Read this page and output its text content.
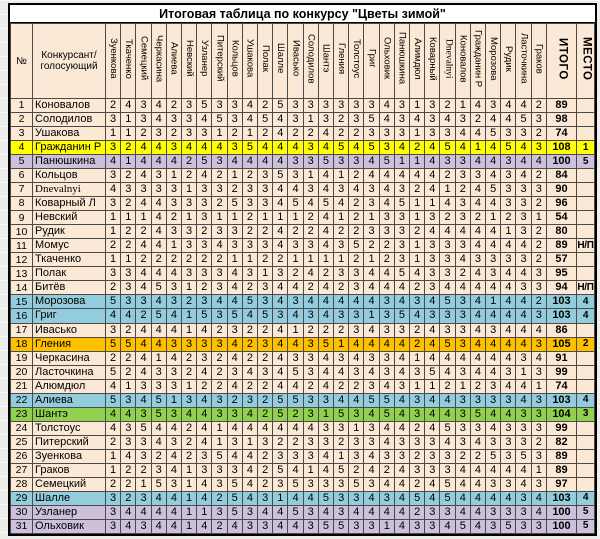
Итоговая таблица по конкурсу "Цветы зимой"
№	Конкурсант/ голосующий	Зуенкова	Ткаченко	Семецкий	Черкасина	Алиева	Невский	Узланер	Питерский	Кольцов	Ушакова	Полак	Шалле	Ивасько	Солодилов	Шантэ	Гления	Толстоус	Григ	Ольховик	Панюшкина	Алимдюл	Коварный	Dnevalnyi	Коновалов	Гражданин Р	Морозова	Рудик	Ласточкина	Граков	ИТОГО	МЕСТО
1	Коновалов	2	4	3	4	2	3	5	3	3	4	2	5	3	3	3	3	3	3	4	3	1	3	2	1	4	3	4	4	2	89	
2	Солодилов	3	1	3	4	3	3	4	5	3	4	5	4	3	1	3	2	3	5	4	3	4	3	4	3	2	4	4	5	3	98	
3	Ушакова	1	1	2	3	2	3	3	1	2	1	2	4	2	2	4	2	2	3	3	3	1	3	3	4	4	5	3	3	2	74	
4	Гражданин Р	3	2	4	4	3	4	4	4	3	5	4	4	4	3	4	5	4	5	3	4	2	4	5	4	1	4	5	4	3	108	1
5	Панюшкина	4	1	4	4	4	2	5	3	4	4	4	4	3	3	5	3	3	4	5	1	1	4	3	3	4	4	3	4	4	100	5
6	Кольцов	3	2	4	3	1	2	4	2	1	2	3	5	3	1	4	1	2	4	4	4	4	4	2	3	3	4	3	4	2	84	
7	Dnevalnyi	4	3	3	3	3	1	3	3	2	3	3	4	4	3	4	3	4	3	4	3	2	4	1	2	4	5	3	3	3	90	
8	Коварный Л	3	2	4	4	3	3	3	2	5	3	3	4	5	4	5	4	2	3	4	5	1	1	4	3	4	4	3	3	2	96	
9	Невский	1	1	1	4	2	1	3	1	1	2	1	1	1	2	4	1	2	1	3	3	1	3	2	3	2	1	2	3	1	54	
10	Рудик	1	2	2	4	3	3	2	3	3	2	2	4	2	2	4	2	2	3	3	3	2	4	4	4	4	4	1	3	2	80	
11	Момус	2	2	4	4	1	3	3	4	3	3	3	4	3	3	4	3	5	2	2	3	1	3	3	3	4	4	4	4	2	89	Н/П
12	Ткаченко	1	1	2	2	2	2	2	2	1	1	2	2	1	1	1	1	2	1	2	3	1	3	3	4	3	3	3	3	2	57	
13	Полак	3	3	4	4	4	3	3	3	4	3	1	3	2	4	2	3	3	4	4	5	4	3	3	2	4	3	4	4	3	95	
14	Битёв	2	3	4	5	3	1	2	3	4	2	3	4	4	2	4	2	3	4	4	4	2	3	4	4	4	4	4	3	3	94	Н/П
15	Морозова	5	3	3	4	3	2	3	4	4	5	3	4	3	4	4	4	4	4	3	4	3	4	5	3	4	1	4	4	2	103	4
16	Григ	4	4	2	5	4	1	5	3	5	4	5	3	4	3	4	3	3	1	3	5	4	3	3	3	4	4	4	4	3	103	4
17	Ивасько	3	2	4	4	4	1	4	2	3	2	2	4	1	2	2	2	3	4	3	3	2	4	3	3	4	3	4	4	4	86	
18	Гления	5	5	4	4	3	3	3	3	4	2	3	4	4	3	5	1	4	4	4	4	2	4	5	3	4	4	4	4	3	105	2
19	Черкасина	2	2	4	1	4	2	3	2	4	2	2	4	3	3	4	3	4	3	3	4	1	4	4	4	4	4	4	3	4	91	
20	Ласточкина	5	2	4	3	3	2	4	2	3	4	3	4	5	3	4	4	3	4	3	4	3	5	4	3	4	4	3	1	3	99	
21	Алюмдюл	4	1	3	3	3	1	2	2	4	2	2	4	4	2	4	2	2	3	4	3	1	1	2	1	2	3	4	4	1	74	
22	Алиева	5	3	4	5	1	3	4	3	2	3	2	5	5	3	3	4	4	5	5	4	3	4	4	3	3	3	3	4	3	103	4
23	Шантэ	4	4	3	5	3	4	4	3	3	4	2	5	2	3	1	5	3	4	5	4	3	4	4	3	5	4	4	3	3	104	3
24	Толстоус	4	3	5	4	4	2	4	1	4	4	4	4	4	4	3	3	1	3	4	4	2	4	5	3	3	4	3	3	3	99	
25	Питерский	2	3	3	4	3	2	4	1	3	1	3	2	2	3	3	2	3	3	4	3	3	3	4	3	4	3	3	3	2	82	
26	Зуенкова	1	4	3	2	4	2	3	5	4	4	2	3	3	3	4	1	3	4	3	3	2	3	3	2	2	5	3	5	3	89	
27	Граков	1	2	2	3	4	1	3	3	3	4	2	5	4	1	4	5	2	4	2	4	3	3	3	4	4	4	4	4	1	89	
28	Семецкий	2	2	1	5	3	1	4	3	5	4	2	3	5	3	3	3	5	3	4	4	2	4	5	4	4	3	3	4	3	97	
29	Шалле	3	2	3	4	4	1	4	2	5	4	3	1	4	4	5	3	3	4	3	4	5	4	5	4	4	4	4	3	4	103	4
30	Узланер	3	4	4	4	4	1	1	3	5	3	4	4	5	3	4	3	4	4	4	4	2	3	3	4	4	3	3	3	4	100	5
31	Ольховик	3	4	3	4	4	1	4	2	4	3	3	4	4	3	5	5	3	3	1	4	3	3	4	5	4	3	5	3	3	100	5
